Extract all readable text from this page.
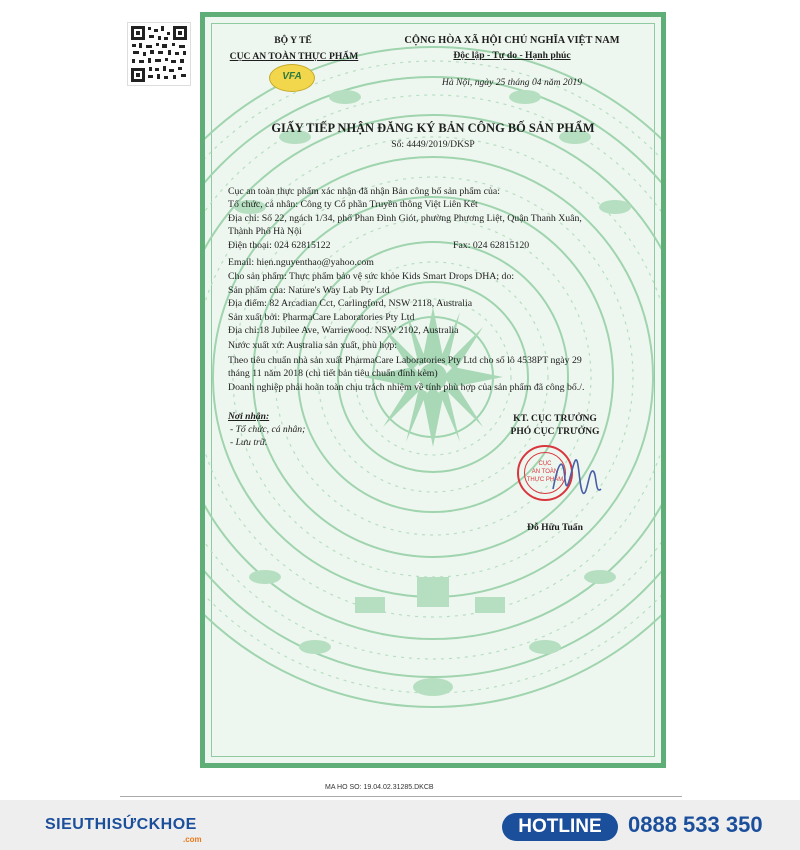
BỘ Y TẾ
CỤC AN TOÀN THỰC PHẨM
VFA
CỘNG HÒA XÃ HỘI CHỦ NGHĨA VIỆT NAM
Độc lập - Tự do - Hạnh phúc
Hà Nội, ngày 25 tháng 04 năm 2019
GIẤY TIẾP NHẬN ĐĂNG KÝ BẢN CÔNG BỐ SẢN PHẨM
Số: 4449/2019/DKSP
Cục an toàn thực phẩm xác nhận đã nhận Bản công bố sản phẩm của:
Tổ chức, cá nhân: Công ty Cổ phần Truyền thông Việt Liên Kết
Địa chỉ: Số 22, ngách 1/34, phố Phan Đình Giót, phường Phương Liệt, Quận Thanh Xuân,
Thành Phố Hà Nội
Điện thoại: 024 62815122	Fax: 024 62815120
Email: hien.nguyenthao@yahoo.com
Cho sản phẩm: Thực phẩm bảo vệ sức khỏe Kids Smart Drops DHA; do:
Sản phẩm của: Nature's Way Lab Pty Ltd
Địa điểm: 82 Arcadian Cct, Carlingford, NSW 2118, Australia
Sản xuất bởi: PharmaCare Laboratories Pty Ltd
Địa chỉ:18 Jubilee Ave, Warriewood. NSW 2102, Australia
Nước xuất xứ: Australia sản xuất, phù hợp:
Theo tiêu chuẩn nhà sản xuất PharmaCare Laboratories Pty Ltd cho số lô 4538PT ngày 29
tháng 11 năm 2018 (chi tiết bản tiêu chuẩn đính kèm)
Doanh nghiệp phải hoàn toàn chịu trách nhiệm về tính phù hợp của sản phẩm đã công bố./.
Nơi nhận:
- Tổ chức, cá nhân;
- Lưu trữ.
KT. CỤC TRƯỞNG
PHÓ CỤC TRƯỞNG
CỤC
AN TOÀN
THỰC PHẨM
Đỗ Hữu Tuấn
MA HO SO: 19.04.02.31285.DKCB
SIEUTHISỨCKHOE
.com
HOTLINE	0888 533 350
